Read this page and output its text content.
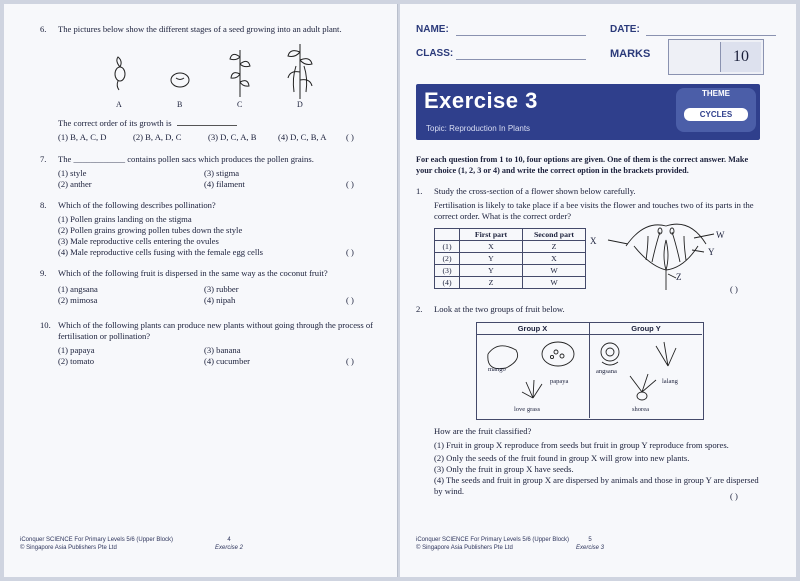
6. The pictures below show the different stages of a seed growing into an adult plant.
A	B	C	D
The correct order of its growth is
(1) B, A, C, D	(2) B, A, D, C	(3) D, C, A, B	(4) D, C, B, A ( )
7. The ____________ contains pollen sacs which produces the pollen grains.
(1) style	(3) stigma
(2) anther	(4) filament	( )
8. Which of the following describes pollination?
(1) Pollen grains landing on the stigma
(2) Pollen grains growing pollen tubes down the style
(3) Male reproductive cells entering the ovules
(4) Male reproductive cells fusing with the female egg cells	( )
9. Which of the following fruit is dispersed in the same way as the coconut fruit?
(1) angsana	(3) rubber
(2) mimosa	(4) nipah	( )
10. Which of the following plants can produce new plants without going through the process of fertilisation or pollination?
(1) papaya	(3) banana
(2) tomato	(4) cucumber	( )
iConquer SCIENCE For Primary Levels 5/6 (Upper Block)
© Singapore Asia Publishers Pte Ltd
4
Exercise 2
NAME:	DATE:
CLASS:	MARKS	10
Exercise 3
Topic: Reproduction In Plants
THEME
CYCLES
For each question from 1 to 10, four options are given. One of them is the correct answer. Make your choice (1, 2, 3 or 4) and write the correct option in the brackets provided.
1. Study the cross-section of a flower shown below carefully.
Fertilisation is likely to take place if a bee visits the flower and touches two of its parts in the correct order. What is the correct order?
	First part	Second part
(1)	X	Z
(2)	Y	X
(3)	Y	W
(4)	Z	W
X
W
Y
Z
( )
2. Look at the two groups of fruit below.
Group X	Group Y
mango
papaya
love grass
angsana
lalang
shorea
How are the fruit classified?
(1) Fruit in group X reproduce from seeds but fruit in group Y reproduce from spores.
(2) Only the seeds of the fruit found in group X will grow into new plants.
(3) Only the fruit in group X have seeds.
(4) The seeds and fruit in group X are dispersed by animals and those in group Y are dispersed by wind.	( )
iConquer SCIENCE For Primary Levels 5/6 (Upper Block)
© Singapore Asia Publishers Pte Ltd
5
Exercise 3
